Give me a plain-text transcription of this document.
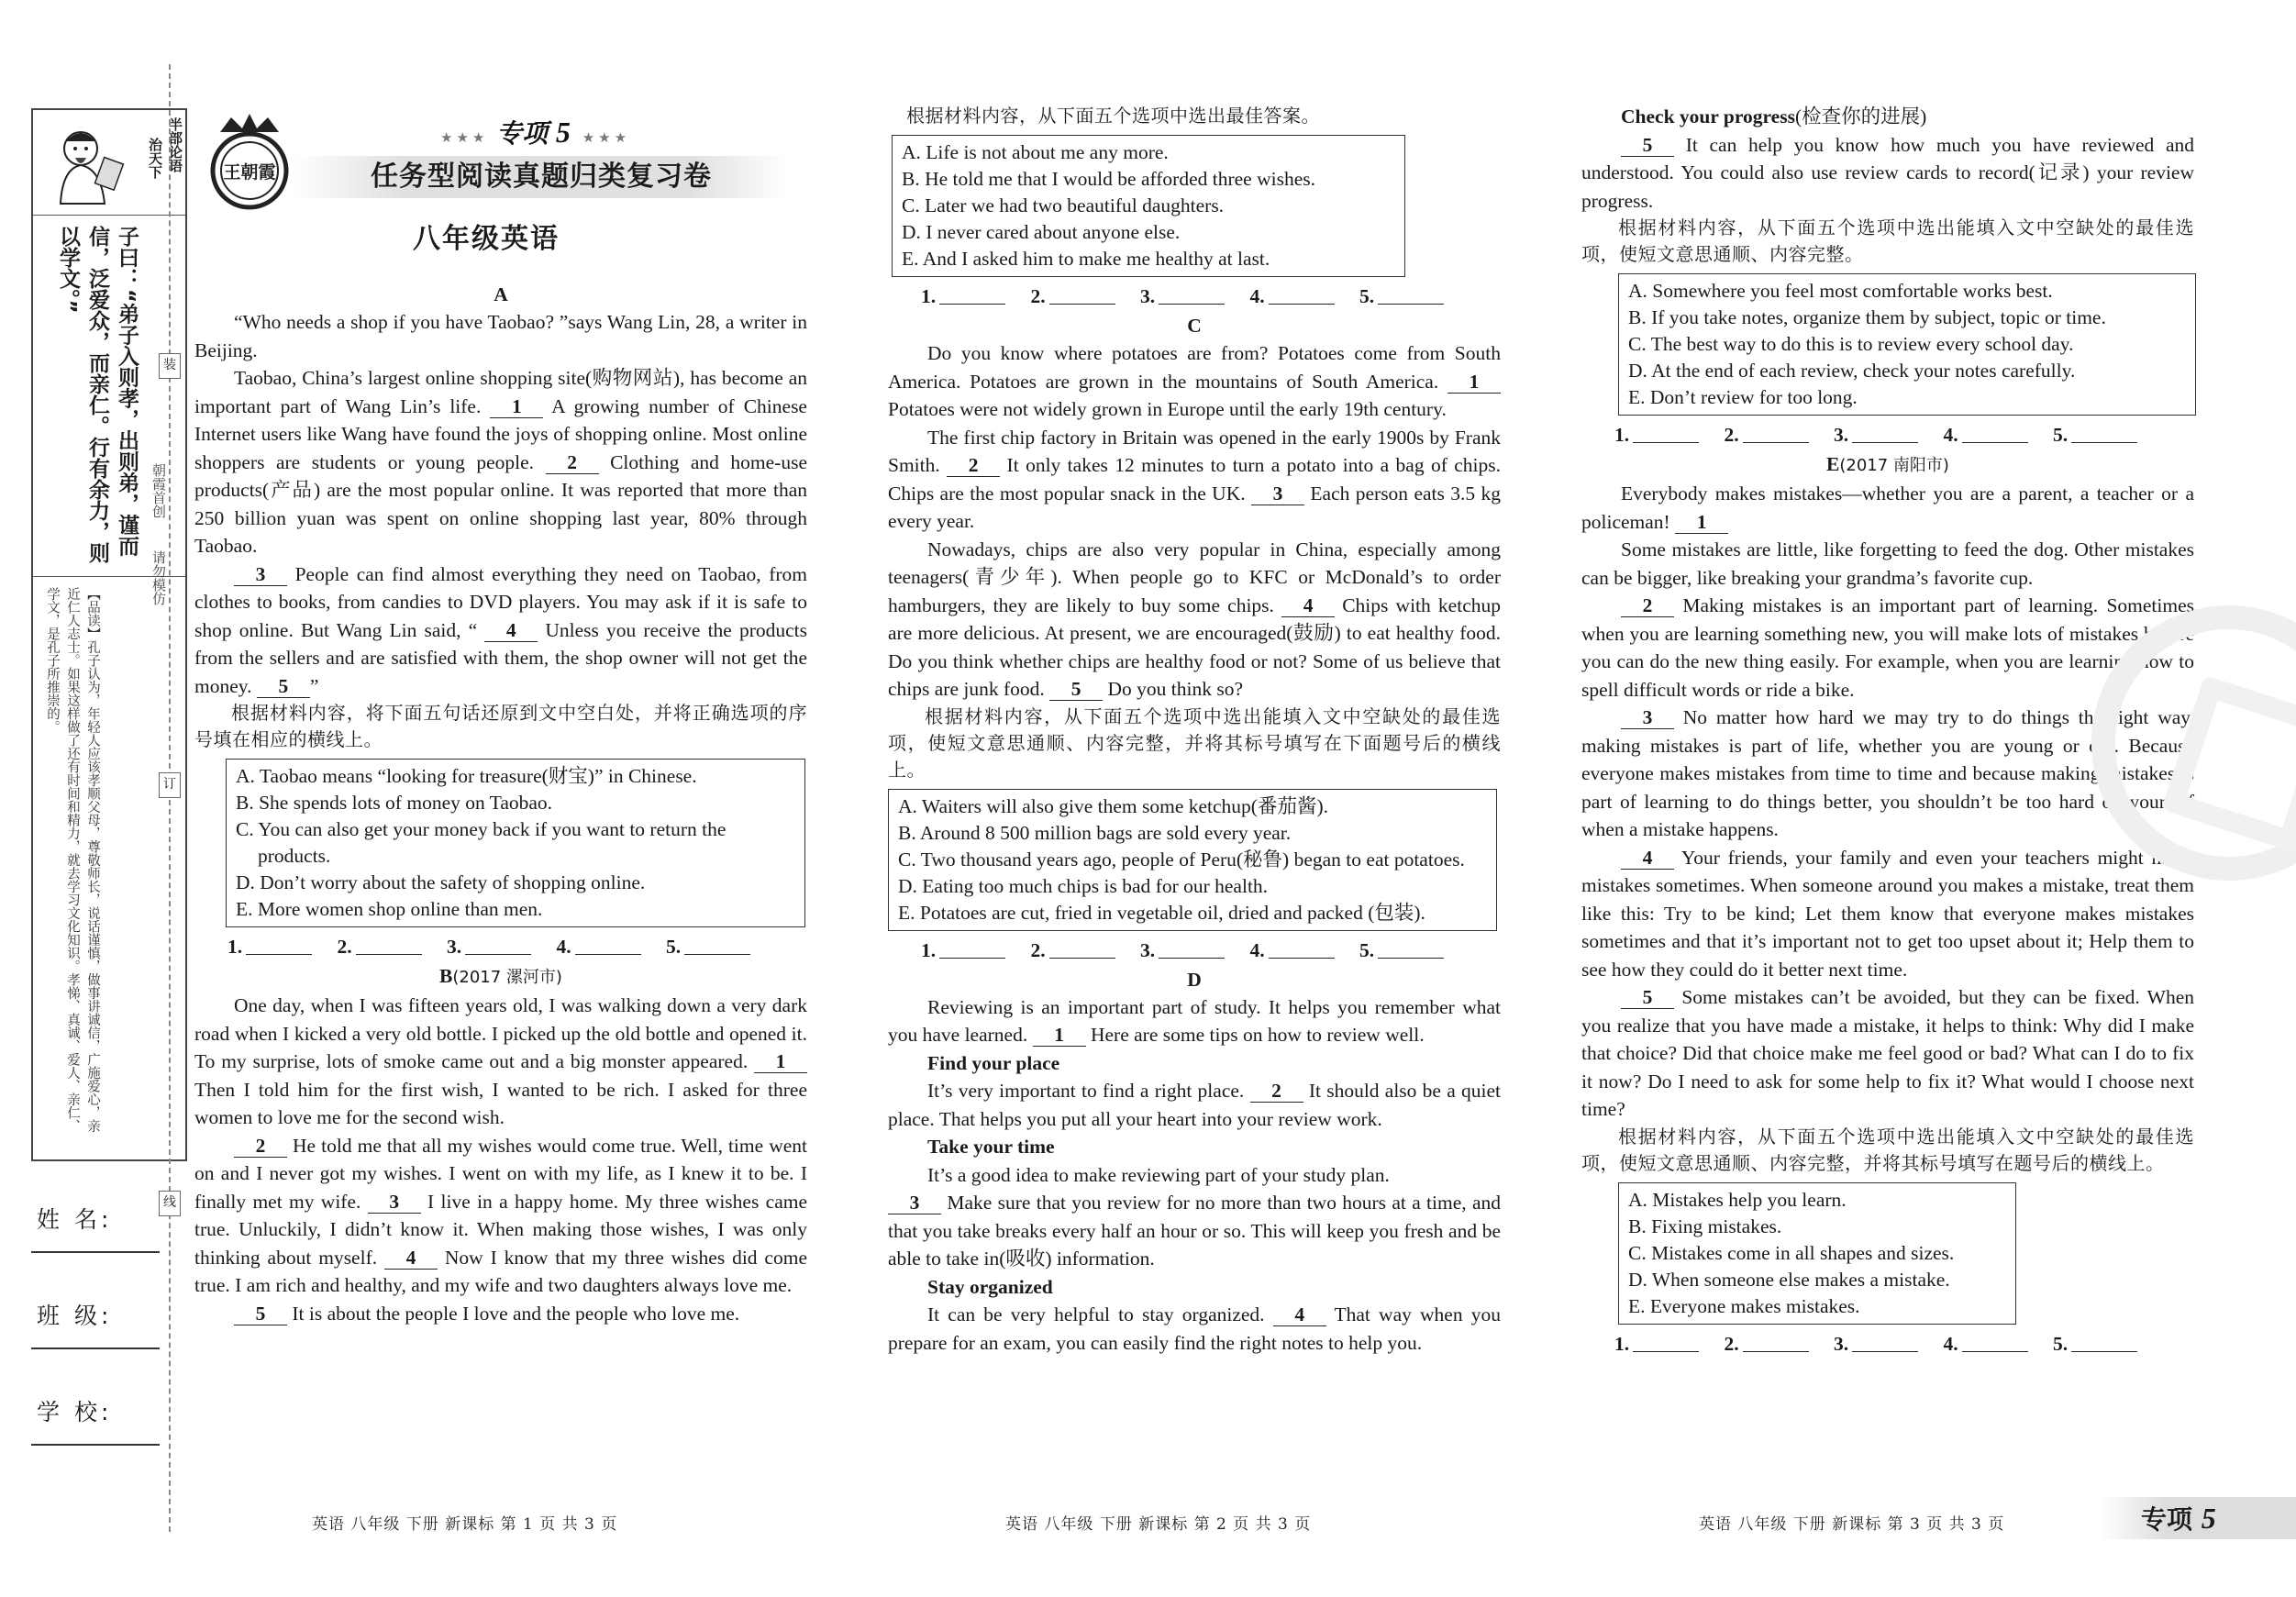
半部论语
治天下
子曰：“弟子入则孝，出则弟，谨而信，泛爱众，而亲仁。行有余力，则以学文。”
【品读】孔子认为，年轻人应该孝顺父母，尊敬师长，说话谨慎，做事讲诚信，广施爱心，亲近仁人志士。如果这样做了还有时间和精力，就去学习文化知识。孝悌、真诚、爱人、亲仁、学文，是孔子所推崇的。
姓 名:
班 级:
学 校:
装
订
线
朝霞首创
请勿模仿
王朝霞
★★★ 专项 5 ★★★
任务型阅读真题归类复习卷
八年级英语
A

“Who needs a shop if you have Taobao? ”says Wang Lin, 28, a writer in Beijing.

Taobao, China’s largest online shopping site(购物网站), has become an important part of Wang Lin’s life. 1 A growing number of Chinese Internet users like Wang have found the joys of shopping online. Most online shoppers are students or young people. 2 Clothing and home-use products(产品) are the most popular online. It was reported that more than 250 billion yuan was spent on online shopping last year, 80% through Taobao.

3 People can find almost everything they need on Taobao, from clothes to books, from candies to DVD players. You may ask if it is safe to shop online. But Wang Lin said, “ 4 Unless you receive the products from the sellers and are satisfied with them, the shop owner will not get the money. 5 ”

根据材料内容，将下面五句话还原到文中空白处，并将正确选项的序号填在相应的横线上。

A. Taobao means “looking for treasure(财宝)” in Chinese.
B. She spends lots of money on Taobao.
C. You can also get your money back if you want to return the products.
D. Don’t worry about the safety of shopping online.
E. More women shop online than men.
1.	2.	3.	4.	5.
B(2017 漯河市)

One day, when I was fifteen years old, I was walking down a very dark road when I kicked a very old bottle. I picked up the old bottle and opened it. To my surprise, lots of smoke came out and a big monster appeared. 1 Then I told him for the first wish, I wanted to be rich. I asked for three women to love me for the second wish.

2 He told me that all my wishes would come true. Well, time went on and I never got my wishes. I went on with my life, as I knew it to be. I finally met my wife. 3 I live in a happy home. My three wishes came true. Unluckily, I didn’t know it. When making those wishes, I was only thinking about myself. 4 Now I know that my three wishes did come true. I am rich and healthy, and my wife and two daughters always love me.

5 It is about the people I love and the people who love me.

根据材料内容，从下面五个选项中选出最佳答案。

A. Life is not about me any more.
B. He told me that I would be afforded three wishes.
C. Later we had two beautiful daughters.
D. I never cared about anyone else.
E. And I asked him to make me healthy at last.
1.	2.	3.	4.	5.
C

Do you know where potatoes are from? Potatoes come from South America. Potatoes are grown in the mountains of South America. 1 Potatoes were not widely grown in Europe until the early 19th century.

The first chip factory in Britain was opened in the early 1900s by Frank Smith. 2 It only takes 12 minutes to turn a potato into a bag of chips. Chips are the most popular snack in the UK. 3 Each person eats 3.5 kg every year.

Nowadays, chips are also very popular in China, especially among teenagers(青少年). When people go to KFC or McDonald’s to order hamburgers, they are likely to buy some chips. 4 Chips with ketchup are more delicious. At present, we are encouraged(鼓励) to eat healthy food. Do you think whether chips are healthy food or not? Some of us believe that chips are junk food. 5 Do you think so?

根据材料内容，从下面五个选项中选出能填入文中空缺处的最佳选项，使短文意思通顺、内容完整，并将其标号填写在下面题号后的横线上。

A. Waiters will also give them some ketchup(番茄酱).
B. Around 8 500 million bags are sold every year.
C. Two thousand years ago, people of Peru(秘鲁) began to eat potatoes.
D. Eating too much chips is bad for our health.
E. Potatoes are cut, fried in vegetable oil, dried and packed (包装).
1.	2.	3.	4.	5.
D

Reviewing is an important part of study. It helps you remember what you have learned. 1 Here are some tips on how to review well.

Find your place

It’s very important to find a right place. 2 It should also be a quiet place. That helps you put all your heart into your review work.

Take your time

It’s a good idea to make reviewing part of your study plan.

3 Make sure that you review for no more than two hours at a time, and that you take breaks every half an hour or so. This will keep you fresh and be able to take in(吸收) information.

Stay organized

It can be very helpful to stay organized. 4 That way when you prepare for an exam, you can easily find the right notes to help you.

Check your progress(检查你的进展)

5 It can help you know how much you have reviewed and understood. You could also use review cards to record(记录) your review progress.

根据材料内容，从下面五个选项中选出能填入文中空缺处的最佳选项，使短文意思通顺、内容完整。

A. Somewhere you feel most comfortable works best.
B. If you take notes, organize them by subject, topic or time.
C. The best way to do this is to review every school day.
D. At the end of each review, check your notes carefully.
E. Don’t review for too long.
1.	2.	3.	4.	5.
E(2017 南阳市)

Everybody makes mistakes—whether you are a parent, a teacher or a policeman! 1

Some mistakes are little, like forgetting to feed the dog. Other mistakes can be bigger, like breaking your grandma’s favorite cup.

2 Making mistakes is an important part of learning. Sometimes when you are learning something new, you will make lots of mistakes before you can do the new thing easily. For example, when you are learning how to spell difficult words or ride a bike.

3 No matter how hard we may try to do things the right way, making mistakes is part of life, whether you are young or old. Because everyone makes mistakes from time to time and because making mistakes is part of learning to do things better, you shouldn’t be too hard on yourself when a mistake happens.

4 Your friends, your family and even your teachers might make mistakes sometimes. When someone around you makes a mistake, treat them like this: Try to be kind; Let them know that everyone makes mistakes sometimes and that it’s important not to get too upset about it; Help them to see how they could do it better next time.

5 Some mistakes can’t be avoided, but they can be fixed. When you realize that you have made a mistake, it helps to think: Why did I make that choice? Did that choice make me feel good or bad? What can I do to fix it now? Do I need to ask for some help to fix it? What would I choose next time?

根据材料内容，从下面五个选项中选出能填入文中空缺处的最佳选项，使短文意思通顺、内容完整，并将其标号填写在题号后的横线上。

A. Mistakes help you learn.
B. Fixing mistakes.
C. Mistakes come in all shapes and sizes.
D. When someone else makes a mistake.
E. Everyone makes mistakes.
1.	2.	3.	4.	5.
英语 八年级 下册 新课标 第 1 页 共 3 页	英语 八年级 下册 新课标 第 2 页 共 3 页	英语 八年级 下册 新课标 第 3 页 共 3 页	专项 5
